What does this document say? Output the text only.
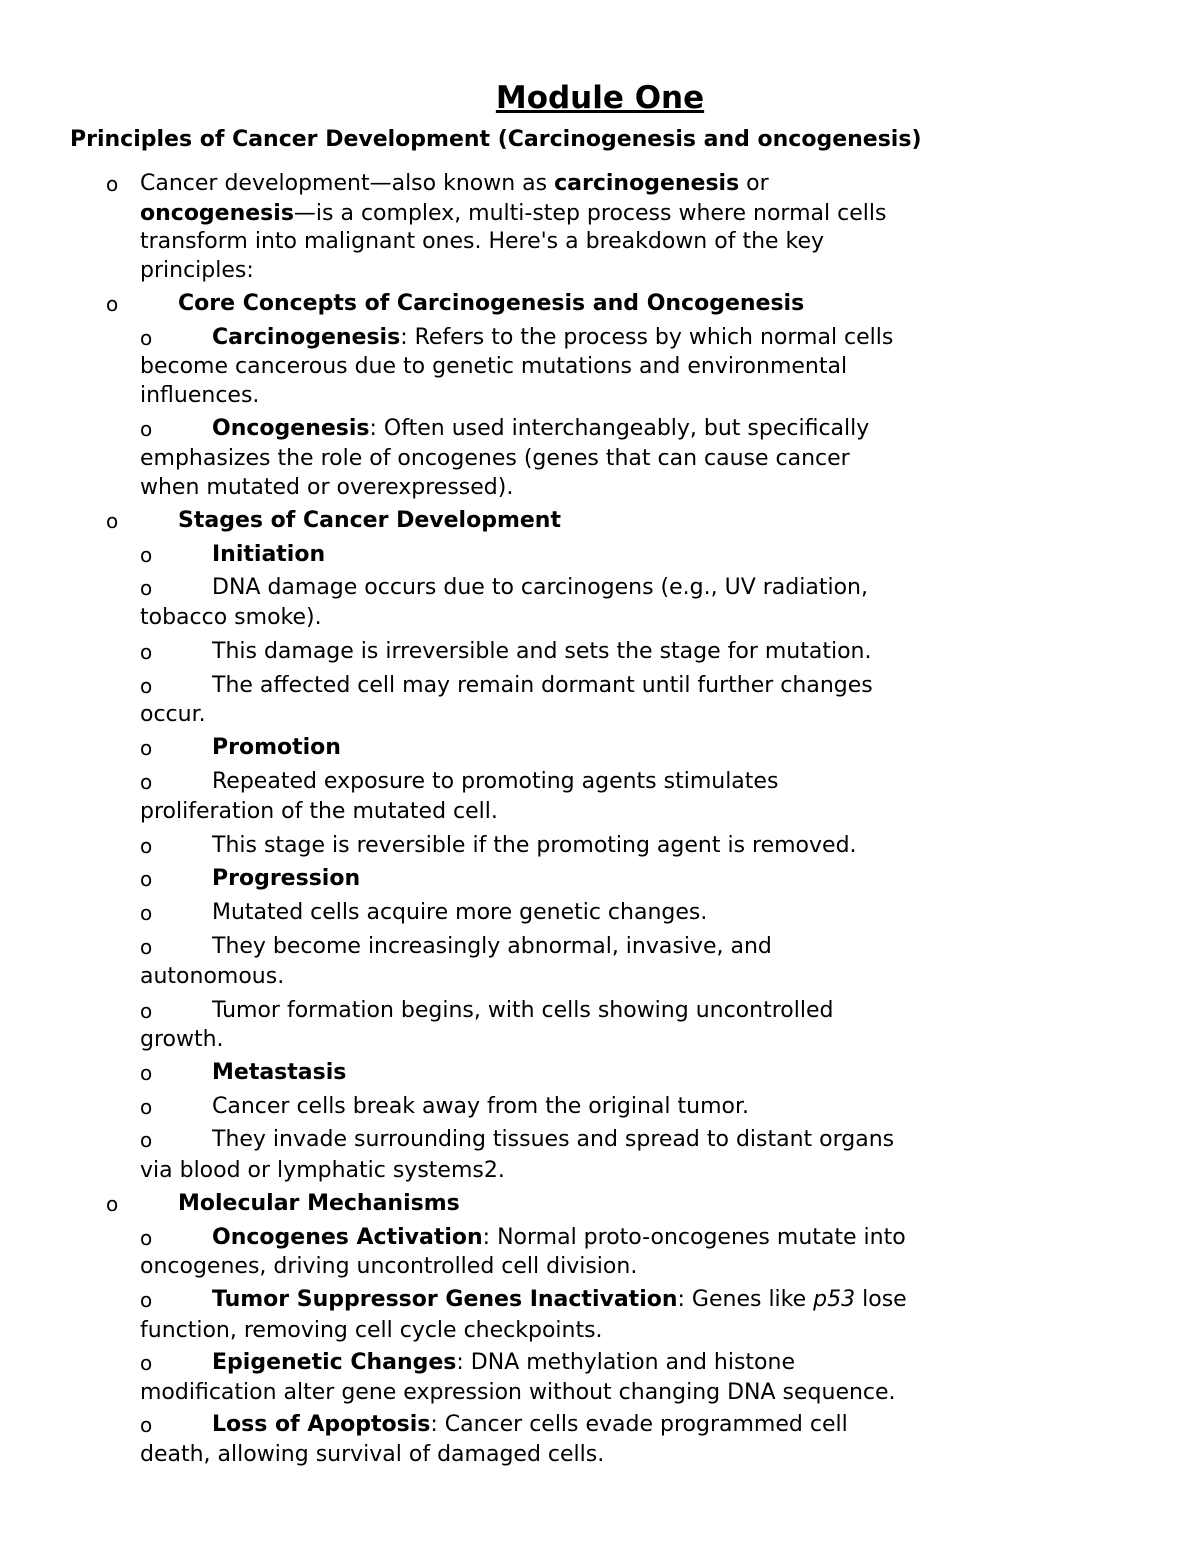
Module One
Principles of Cancer Development (Carcinogenesis and oncogenesis)
o Cancer development—also known as carcinogenesis or
oncogenesis—is a complex, multi-step process where normal cells
transform into malignant ones. Here's a breakdown of the key
principles:
o	Core Concepts of Carcinogenesis and Oncogenesis
o	Carcinogenesis: Refers to the process by which normal cells
become cancerous due to genetic mutations and environmental
influences.
o	Oncogenesis: Often used interchangeably, but specifically
emphasizes the role of oncogenes (genes that can cause cancer
when mutated or overexpressed).
o	Stages of Cancer Development
o	Initiation
o	DNA damage occurs due to carcinogens (e.g., UV radiation,
tobacco smoke).
o	This damage is irreversible and sets the stage for mutation.
o	The affected cell may remain dormant until further changes
occur.
o	Promotion
o	Repeated exposure to promoting agents stimulates
proliferation of the mutated cell.
o	This stage is reversible if the promoting agent is removed.
o	Progression
o	Mutated cells acquire more genetic changes.
o	They become increasingly abnormal, invasive, and
autonomous.
o	Tumor formation begins, with cells showing uncontrolled
growth.
o	Metastasis
o	Cancer cells break away from the original tumor.
o	They invade surrounding tissues and spread to distant organs
via blood or lymphatic systems2.
o	Molecular Mechanisms
o	Oncogenes Activation: Normal proto-oncogenes mutate into
oncogenes, driving uncontrolled cell division.
o	Tumor Suppressor Genes Inactivation: Genes like p53 lose
function, removing cell cycle checkpoints.
o	Epigenetic Changes: DNA methylation and histone
modification alter gene expression without changing DNA sequence.
o	Loss of Apoptosis: Cancer cells evade programmed cell
death, allowing survival of damaged cells.
